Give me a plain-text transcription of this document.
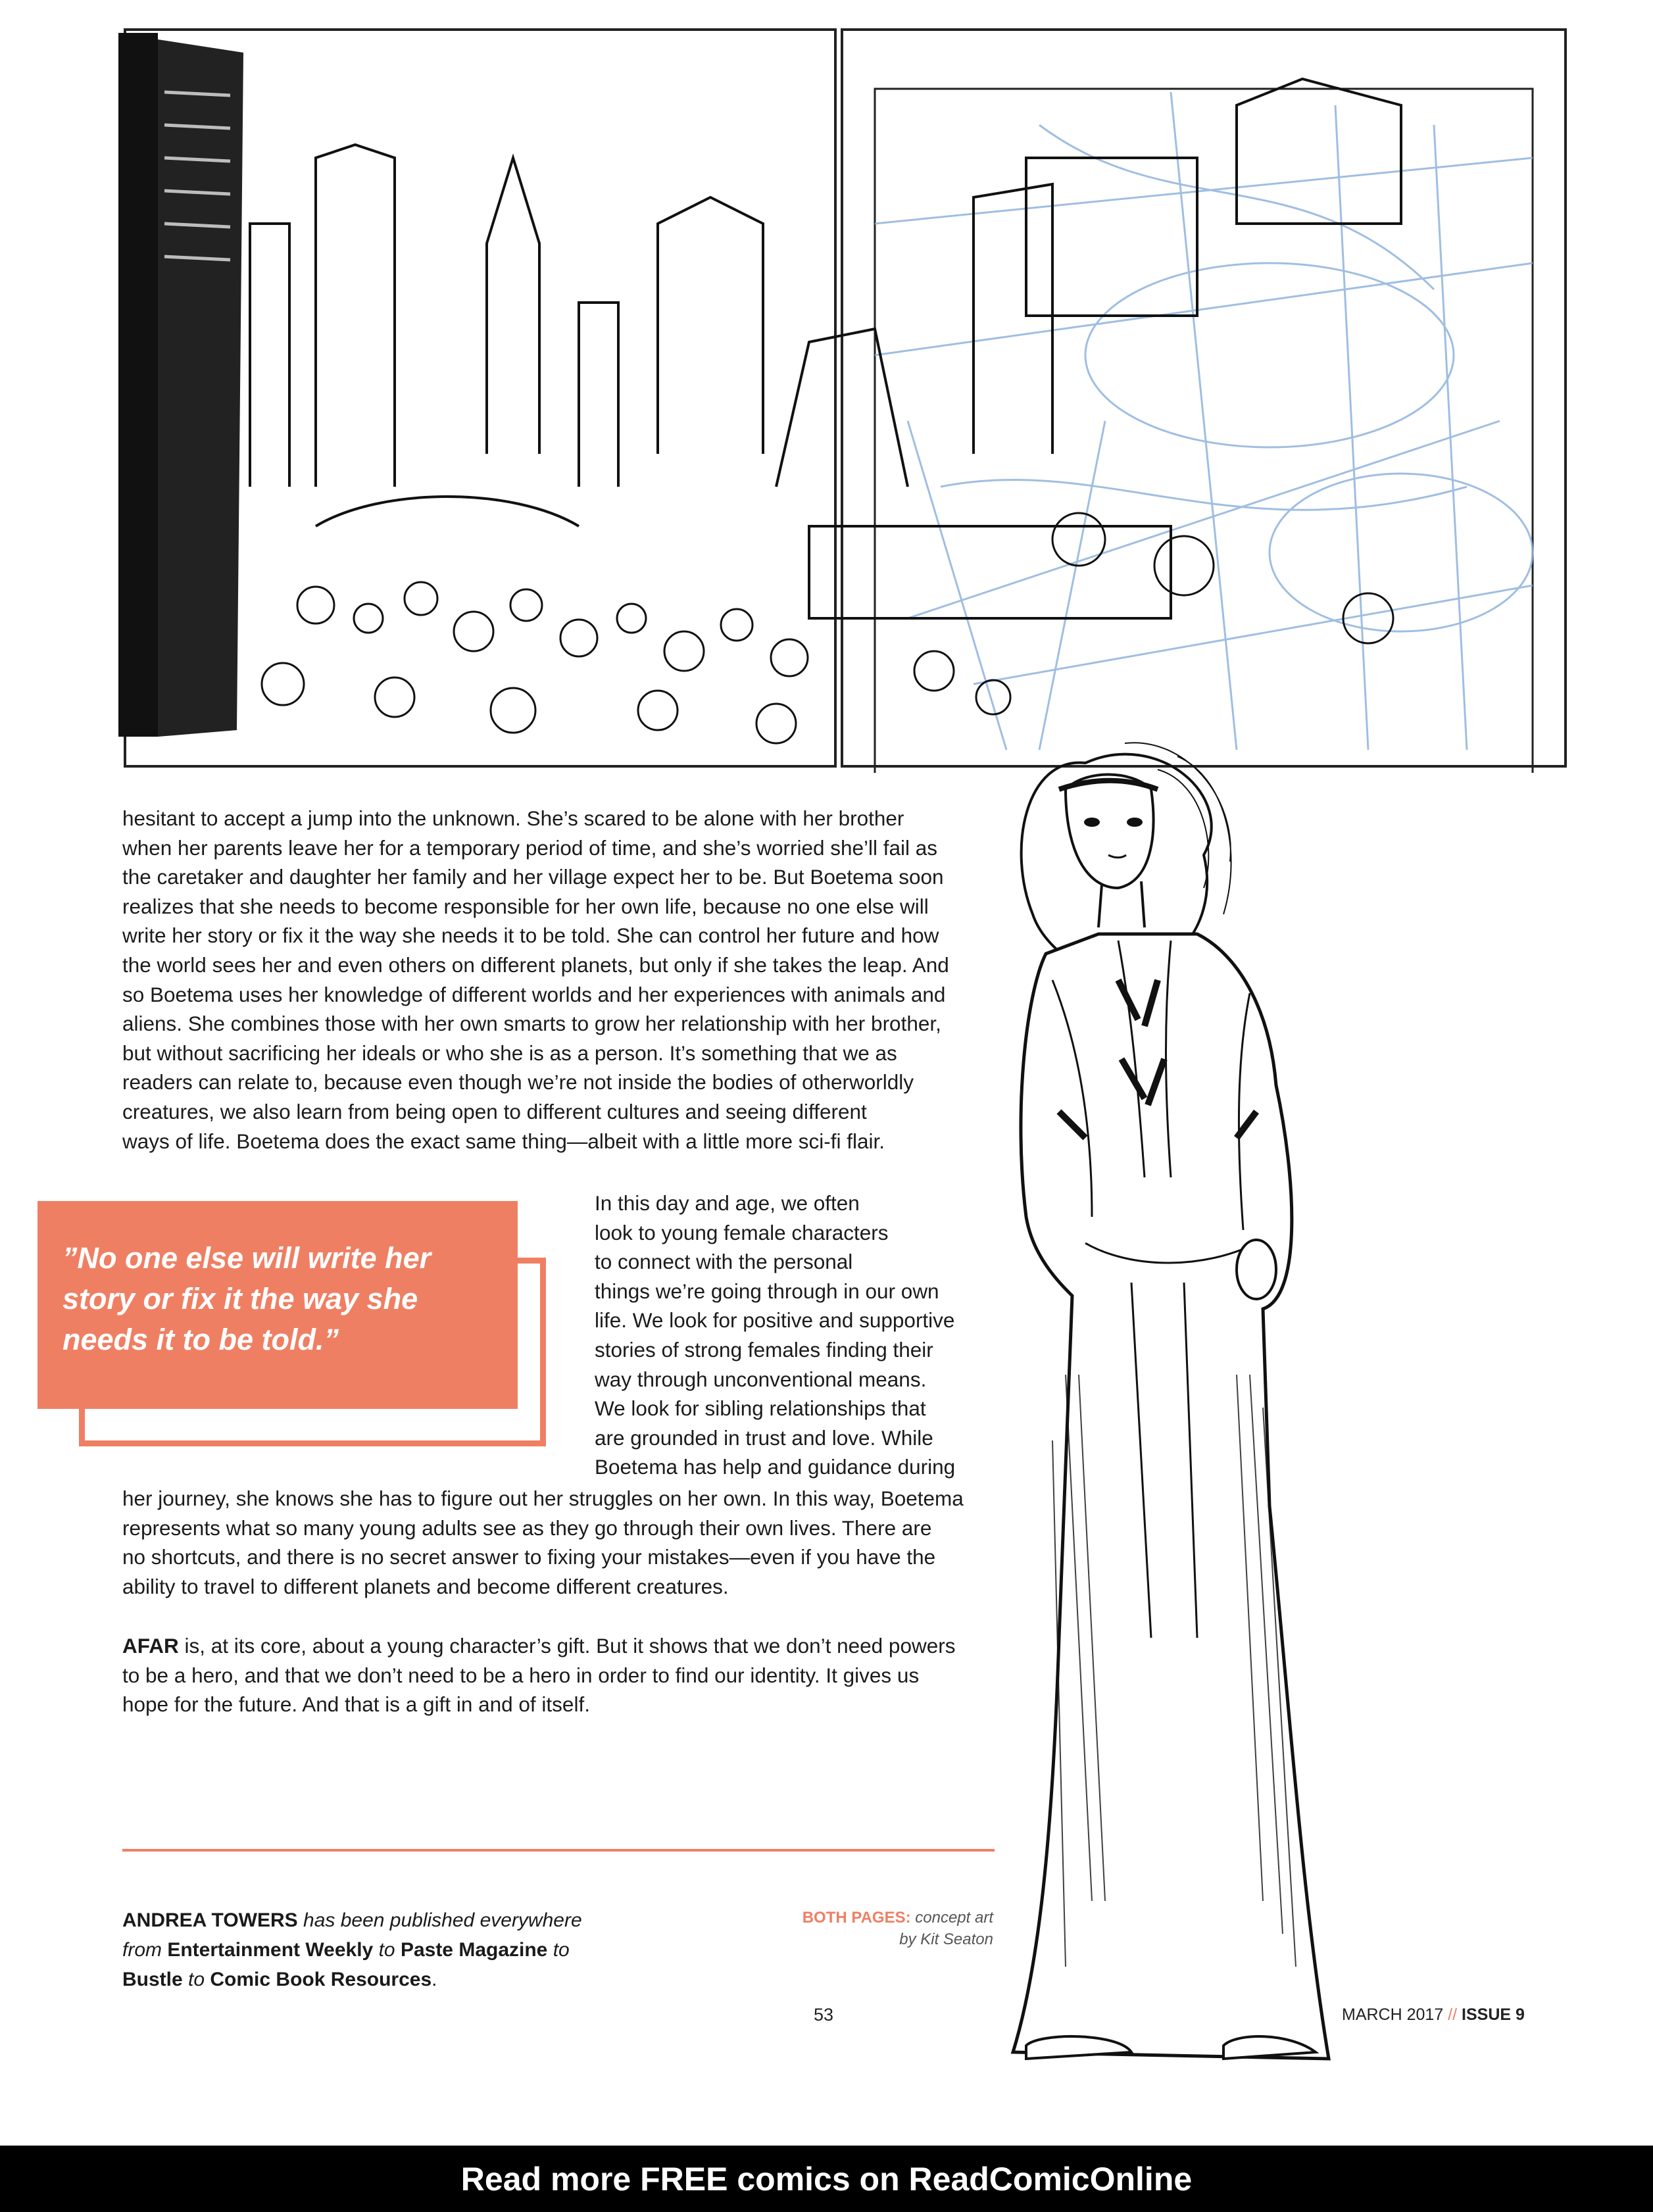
hesitant to accept a jump into the unknown. She’s scared to be alone with her brother
when her parents leave her for a temporary period of time, and she’s worried she’ll fail as
the caretaker and daughter her family and her village expect her to be. But Boetema soon
realizes that she needs to become responsible for her own life, because no one else will
write her story or fix it the way she needs it to be told. She can control her future and how
the world sees her and even others on different planets, but only if she takes the leap. And
so Boetema uses her knowledge of different worlds and her experiences with animals and
aliens. She combines those with her own smarts to grow her relationship with her brother,
but without sacrificing her ideals or who she is as a person. It’s something that we as
readers can relate to, because even though we’re not inside the bodies of otherworldly
creatures, we also learn from being open to different cultures and seeing different
ways of life. Boetema does the exact same thing—albeit with a little more sci-fi flair.

”No one else will write her
story or fix it the way she
needs it to be told.”

In this day and age, we often
look to young female characters
to connect with the personal
things we’re going through in our own
life. We look for positive and supportive
stories of strong females finding their
way through unconventional means.
We look for sibling relationships that
are grounded in trust and love. While
Boetema has help and guidance during

her journey, she knows she has to figure out her struggles on her own. In this way, Boetema
represents what so many young adults see as they go through their own lives. There are
no shortcuts, and there is no secret answer to fixing your mistakes—even if you have the
ability to travel to different planets and become different creatures.

AFAR is, at its core, about a young character’s gift. But it shows that we don’t need powers
to be a hero, and that we don’t need to be a hero in order to find our identity. It gives us
hope for the future. And that is a gift in and of itself.

ANDREA TOWERS has been published everywhere
from Entertainment Weekly to Paste Magazine to
Bustle to Comic Book Resources.
BOTH PAGES: concept art
by Kit Seaton
53	MARCH 2017 // ISSUE 9
Read more FREE comics on ReadComicOnline
